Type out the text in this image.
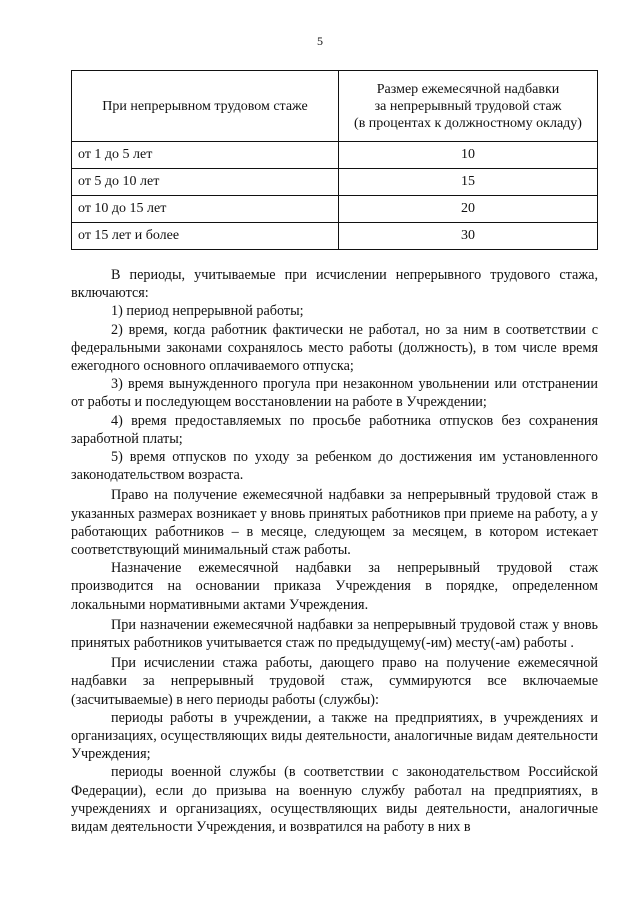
5
При непрерывном трудовом стаже	Размер ежемесячной надбавки
за непрерывный трудовой стаж
(в процентах к должностному окладу)
от 1 до 5 лет	10
от 5 до 10 лет	15
от 10 до 15 лет	20
от 15 лет и более	30

В периоды, учитываемые при исчислении непрерывного трудового стажа, включаются:

1) период непрерывной работы;

2) время, когда работник фактически не работал, но за ним в соответствии с федеральными законами сохранялось место работы (должность), в том числе время ежегодного основного оплачиваемого отпуска;

3) время вынужденного прогула при незаконном увольнении или отстранении от работы и последующем восстановлении на работе в Учреждении;

4) время предоставляемых по просьбе работника отпусков без сохранения заработной платы;

5) время отпусков по уходу за ребенком до достижения им установленного законодательством возраста.

Право на получение ежемесячной надбавки за непрерывный трудовой стаж в указанных размерах возникает у вновь принятых работников при приеме на работу, а у работающих работников – в месяце, следующем за месяцем, в котором истекает соответствующий минимальный стаж работы.

Назначение ежемесячной надбавки за непрерывный трудовой стаж производится на основании приказа Учреждения в порядке, определенном локальными нормативными актами Учреждения.

При назначении ежемесячной надбавки за непрерывный трудовой стаж у вновь принятых работников учитывается стаж по предыдущему(-им) месту(-ам) работы .

При исчислении стажа работы, дающего право на получение ежемесячной надбавки за непрерывный трудовой стаж, суммируются все включаемые (засчитываемые) в него периоды работы (службы):

периоды работы в учреждении, а также на предприятиях, в учреждениях и организациях, осуществляющих виды деятельности, аналогичные видам деятельности Учреждения;

периоды военной службы (в соответствии с законодательством Российской Федерации), если до призыва на военную службу работал на предприятиях, в учреждениях и организациях, осуществляющих виды деятельности, аналогичные видам деятельности Учреждения, и возвратился на работу в них в
